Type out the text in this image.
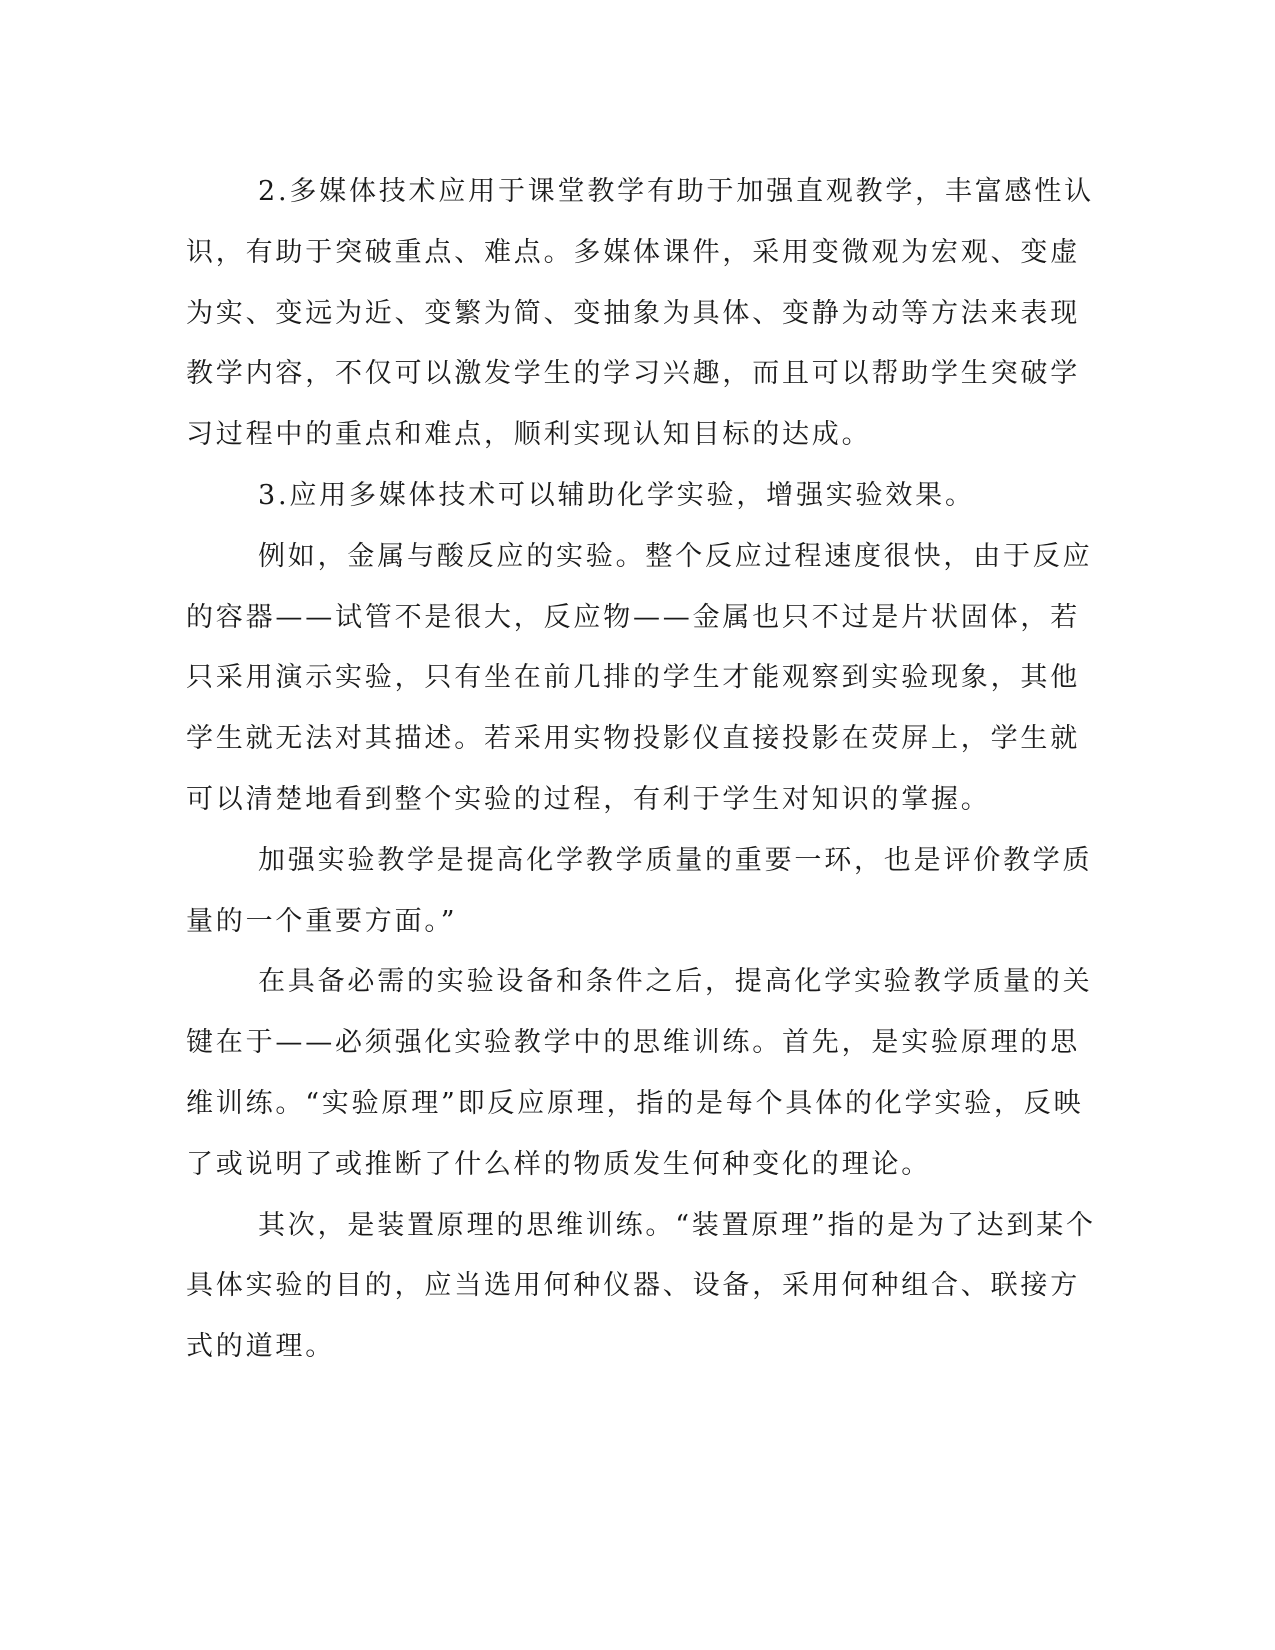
2.多媒体技术应用于课堂教学有助于加强直观教学，丰富感性认
识，有助于突破重点、难点。多媒体课件，采用变微观为宏观、变虚
为实、变远为近、变繁为简、变抽象为具体、变静为动等方法来表现
教学内容，不仅可以激发学生的学习兴趣，而且可以帮助学生突破学
习过程中的重点和难点，顺利实现认知目标的达成。
3.应用多媒体技术可以辅助化学实验，增强实验效果。
例如，金属与酸反应的实验。整个反应过程速度很快，由于反应
的容器——试管不是很大，反应物——金属也只不过是片状固体，若
只采用演示实验，只有坐在前几排的学生才能观察到实验现象，其他
学生就无法对其描述。若采用实物投影仪直接投影在荧屏上，学生就
可以清楚地看到整个实验的过程，有利于学生对知识的掌握。
加强实验教学是提高化学教学质量的重要一环，也是评价教学质
量的一个重要方面。”
在具备必需的实验设备和条件之后，提高化学实验教学质量的关
键在于——必须强化实验教学中的思维训练。首先，是实验原理的思
维训练。“实验原理”即反应原理，指的是每个具体的化学实验，反映
了或说明了或推断了什么样的物质发生何种变化的理论。
其次，是装置原理的思维训练。“装置原理”指的是为了达到某个
具体实验的目的，应当选用何种仪器、设备，采用何种组合、联接方
式的道理。
